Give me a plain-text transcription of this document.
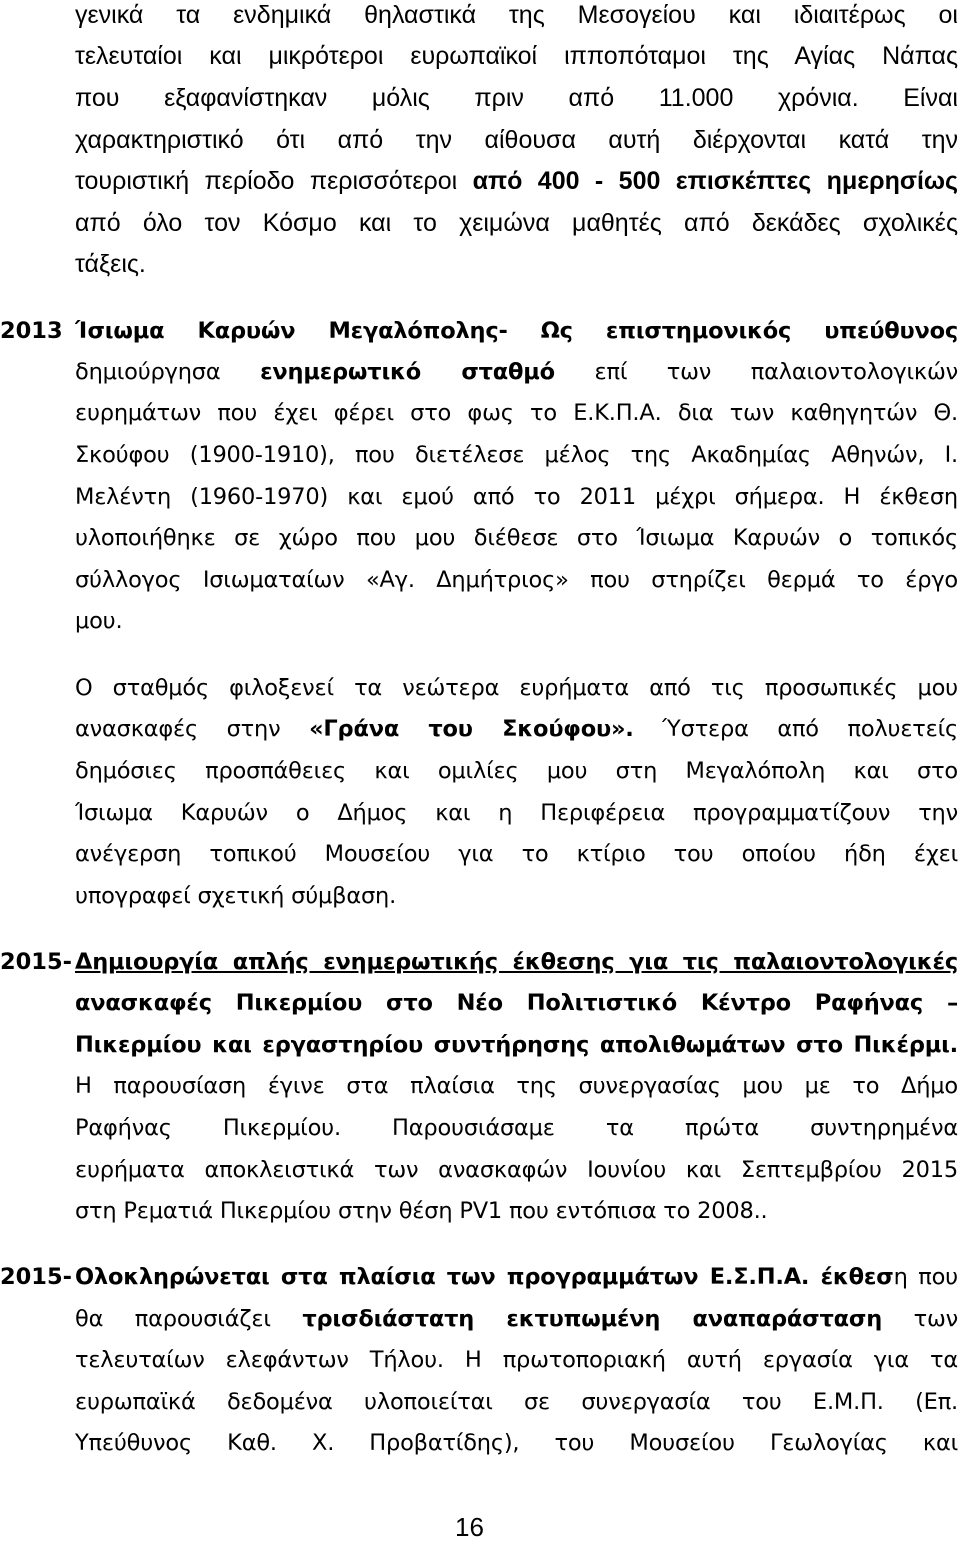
γενικά τα ενδημικά θηλαστικά της Μεσογείου και ιδιαιτέρως οι
τελευταίοι και μικρότεροι ευρωπαϊκοί ιπποπόταμοι της Αγίας Νάπας
που εξαφανίστηκαν μόλις πριν από 11.000 χρόνια. Είναι
χαρακτηριστικό ότι από την αίθουσα αυτή διέρχονται κατά την
τουριστική περίοδο περισσότεροι από 400 - 500 επισκέπτες ημερησίως
από όλο τον Κόσμο και το χειμώνα μαθητές από δεκάδες σχολικές
τάξεις.
2013 Ίσιωμα Καρυών Μεγαλόπολης- Ως επιστημονικός υπεύθυνος
δημιούργησα ενημερωτικό σταθμό επί των παλαιοντολογικών
ευρημάτων που έχει φέρει στο φως το Ε.Κ.Π.Α. δια των καθηγητών Θ.
Σκούφου (1900-1910), που διετέλεσε μέλος της Ακαδημίας Αθηνών, Ι.
Μελέντη (1960-1970) και εμού από το 2011 μέχρι σήμερα. Η έκθεση
υλοποιήθηκε σε χώρο που μου διέθεσε στο Ίσιωμα Καρυών ο τοπικός
σύλλογος Ισιωματαίων «Αγ. Δημήτριος» που στηρίζει θερμά το έργο
μου.
Ο σταθμός φιλοξενεί τα νεώτερα ευρήματα από τις προσωπικές μου
ανασκαφές στην «Γράνα του Σκούφου». Ύστερα από πολυετείς
δημόσιες προσπάθειες και ομιλίες μου στη Μεγαλόπολη και στο
Ίσιωμα Καρυών ο Δήμος και η Περιφέρεια προγραμματίζουν την
ανέγερση τοπικού Μουσείου για το κτίριο του οποίου ήδη έχει
υπογραφεί σχετική σύμβαση.
2015- Δημιουργία απλής ενημερωτικής έκθεσης για τις παλαιοντολογικές
ανασκαφές Πικερμίου στο Νέο Πολιτιστικό Κέντρο Ραφήνας –
Πικερμίου και εργαστηρίου συντήρησης απολιθωμάτων στο Πικέρμι.
Η παρουσίαση έγινε στα πλαίσια της συνεργασίας μου με το Δήμο
Ραφήνας Πικερμίου. Παρουσιάσαμε τα πρώτα συντηρημένα
ευρήματα αποκλειστικά των ανασκαφών Ιουνίου και Σεπτεμβρίου 2015
στη Ρεματιά Πικερμίου στην θέση PV1 που εντόπισα το 2008..
2015- Ολοκληρώνεται στα πλαίσια των προγραμμάτων Ε.Σ.Π.Α. έκθεση που
θα παρουσιάζει τρισδιάστατη εκτυπωμένη αναπαράσταση των
τελευταίων ελεφάντων Τήλου. Η πρωτοποριακή αυτή εργασία για τα
ευρωπαϊκά δεδομένα υλοποιείται σε συνεργασία του Ε.Μ.Π. (Επ.
Υπεύθυνος Καθ. Χ. Προβατίδης), του Μουσείου Γεωλογίας και
16
